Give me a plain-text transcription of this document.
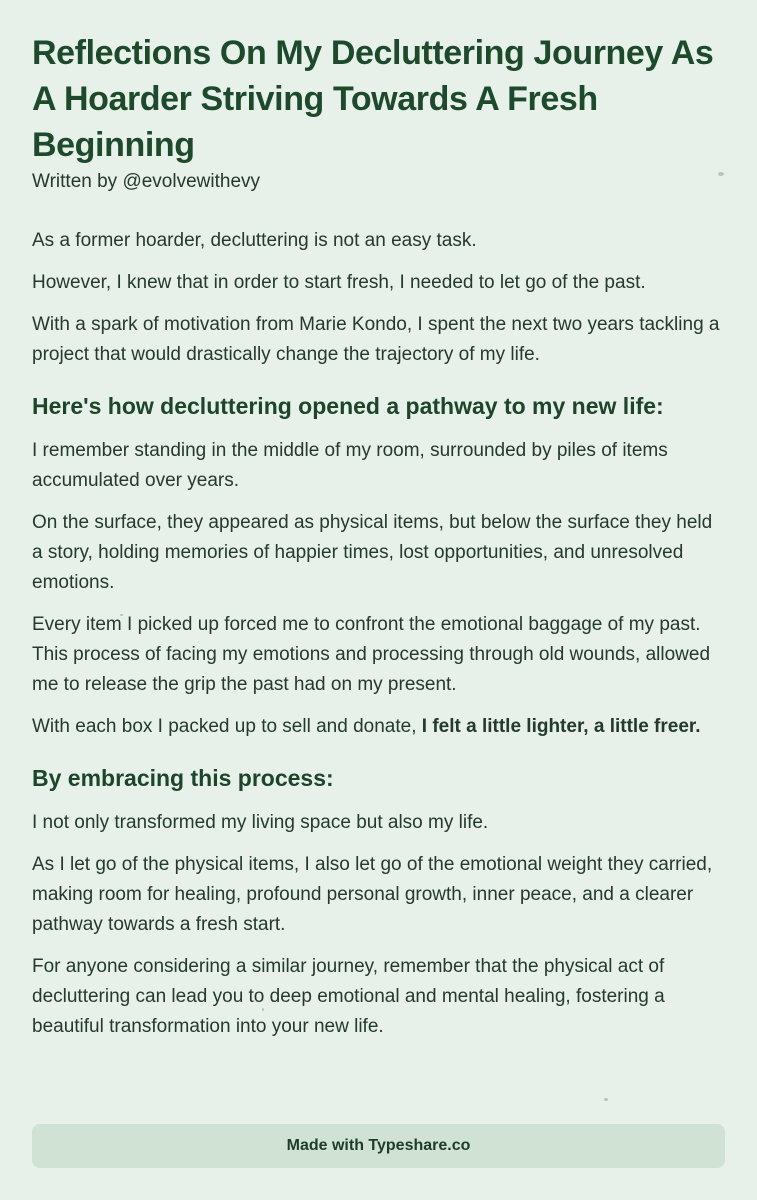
Reflections On My Decluttering Journey As A Hoarder Striving Towards A Fresh Beginning

Written by @evolvewithevy

As a former hoarder, decluttering is not an easy task.

However, I knew that in order to start fresh, I needed to let go of the past.

With a spark of motivation from Marie Kondo, I spent the next two years tackling a project that would drastically change the trajectory of my life.

Here's how decluttering opened a pathway to my new life:

I remember standing in the middle of my room, surrounded by piles of items accumulated over years.

On the surface, they appeared as physical items, but below the surface they held a story, holding memories of happier times, lost opportunities, and unresolved emotions.

Every item I picked up forced me to confront the emotional baggage of my past. This process of facing my emotions and processing through old wounds, allowed me to release the grip the past had on my present.

With each box I packed up to sell and donate, I felt a little lighter, a little freer.

By embracing this process:

I not only transformed my living space but also my life.

As I let go of the physical items, I also let go of the emotional weight they carried, making room for healing, profound personal growth, inner peace, and a clearer pathway towards a fresh start.

For anyone considering a similar journey, remember that the physical act of decluttering can lead you to deep emotional and mental healing, fostering a beautiful transformation into your new life.

Made with Typeshare.co
